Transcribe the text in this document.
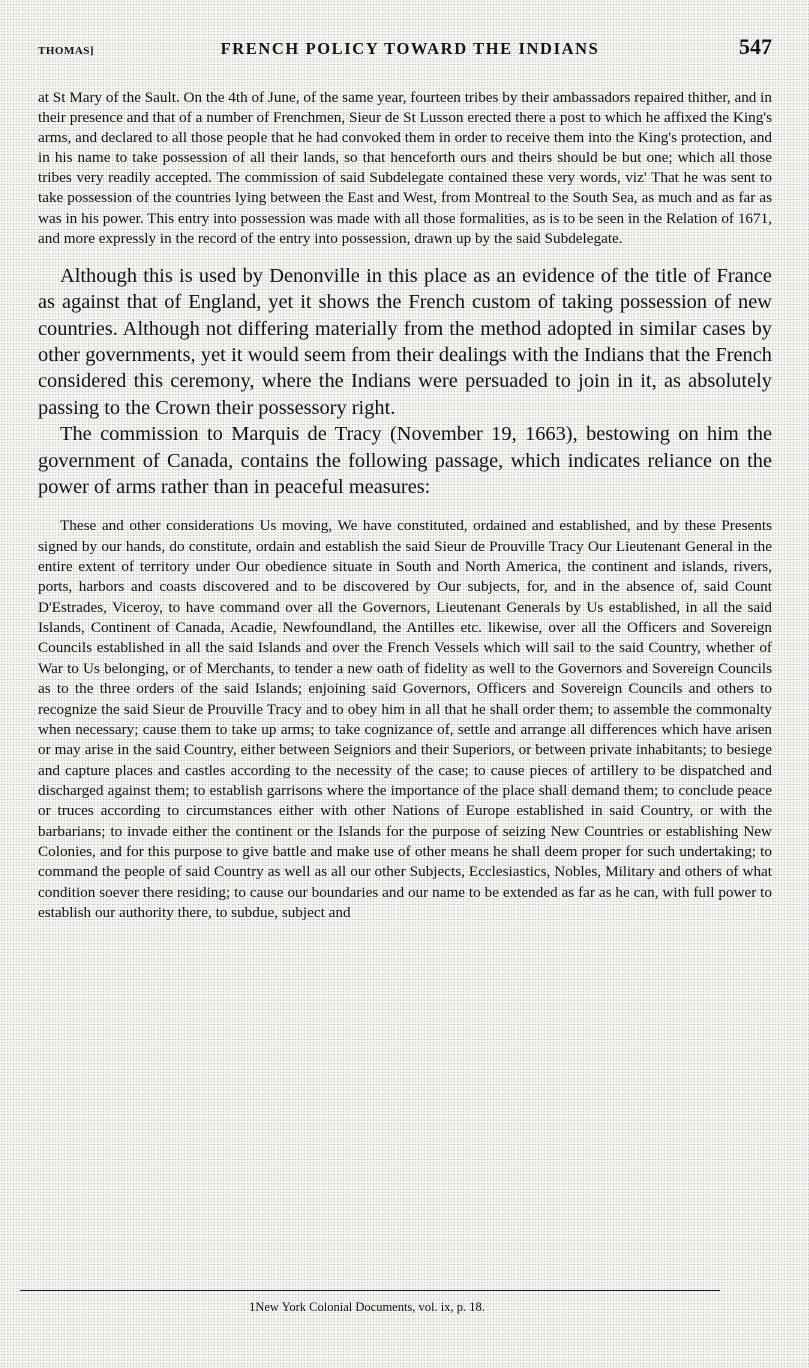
THOMAS]	FRENCH POLICY TOWARD THE INDIANS	547
at St Mary of the Sault. On the 4th of June, of the same year, fourteen tribes by their ambassadors repaired thither, and in their presence and that of a number of Frenchmen, Sieur de St Lusson erected there a post to which he affixed the King's arms, and declared to all those people that he had convoked them in order to receive them into the King's protection, and in his name to take possession of all their lands, so that henceforth ours and theirs should be but one; which all those tribes very readily accepted. The commission of said Subdelegate contained these very words, viz' That he was sent to take possession of the countries lying between the East and West, from Montreal to the South Sea, as much and as far as was in his power. This entry into possession was made with all those formalities, as is to be seen in the Relation of 1671, and more expressly in the record of the entry into possession, drawn up by the said Subdelegate.

Although this is used by Denonville in this place as an evidence of the title of France as against that of England, yet it shows the French custom of taking possession of new countries. Although not differing materially from the method adopted in similar cases by other governments, yet it would seem from their dealings with the Indians that the French considered this ceremony, where the Indians were persuaded to join in it, as absolutely passing to the Crown their possessory right.

The commission to Marquis de Tracy (November 19, 1663), bestowing on him the government of Canada, contains the following passage, which indicates reliance on the power of arms rather than in peaceful measures:

These and other considerations Us moving, We have constituted, ordained and established, and by these Presents signed by our hands, do constitute, ordain and establish the said Sieur de Prouville Tracy Our Lieutenant General in the entire extent of territory under Our obedience situate in South and North America, the continent and islands, rivers, ports, harbors and coasts discovered and to be discovered by Our subjects, for, and in the absence of, said Count D'Estrades, Viceroy, to have command over all the Governors, Lieutenant Generals by Us established, in all the said Islands, Continent of Canada, Acadie, Newfoundland, the Antilles etc. likewise, over all the Officers and Sovereign Councils established in all the said Islands and over the French Vessels which will sail to the said Country, whether of War to Us belonging, or of Merchants, to tender a new oath of fidelity as well to the Governors and Sovereign Councils as to the three orders of the said Islands; enjoining said Governors, Officers and Sovereign Councils and others to recognize the said Sieur de Prouville Tracy and to obey him in all that he shall order them; to assemble the commonalty when necessary; cause them to take up arms; to take cognizance of, settle and arrange all differences which have arisen or may arise in the said Country, either between Seigniors and their Superiors, or between private inhabitants; to besiege and capture places and castles according to the necessity of the case; to cause pieces of artillery to be dispatched and discharged against them; to establish garrisons where the importance of the place shall demand them; to conclude peace or truces according to circumstances either with other Nations of Europe established in said Country, or with the barbarians; to invade either the continent or the Islands for the purpose of seizing New Countries or establishing New Colonies, and for this purpose to give battle and make use of other means he shall deem proper for such undertaking; to command the people of said Country as well as all our other Subjects, Ecclesiastics, Nobles, Military and others of what condition soever there residing; to cause our boundaries and our name to be extended as far as he can, with full power to establish our authority there, to subdue, subject and
1New York Colonial Documents, vol. ix, p. 18.
